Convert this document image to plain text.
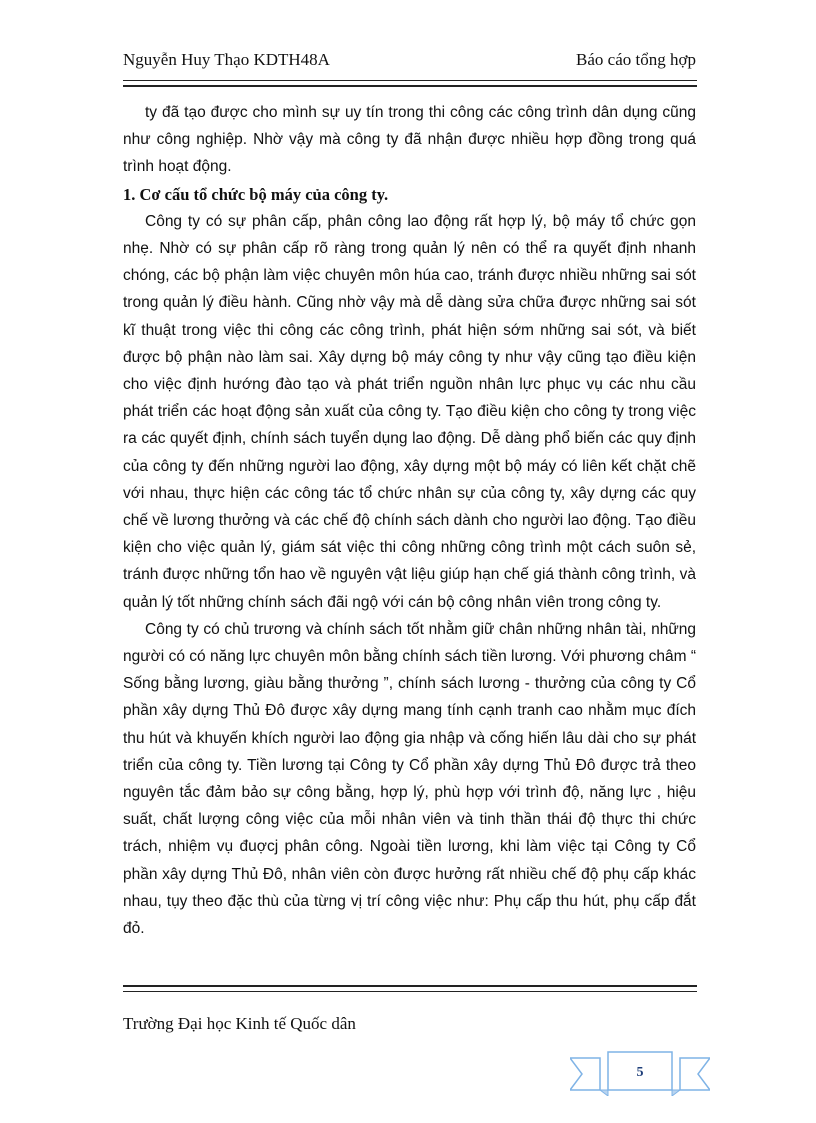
Nguyễn Huy Thạo KDTH48A	Báo cáo tổng hợp

ty đã tạo được cho mình sự uy tín trong thi công các công trình dân dụng cũng như công nghiệp. Nhờ vậy mà công ty đã nhận được nhiều hợp đồng trong quá trình hoạt động.

1. Cơ cấu tổ chức bộ máy của công ty.

Công ty có sự phân cấp, phân công lao động rất hợp lý, bộ máy tổ chức gọn nhẹ. Nhờ có sự phân cấp rõ ràng trong quản lý nên có thể ra quyết định nhanh chóng, các bộ phận làm việc chuyên môn húa cao, tránh được nhiều những sai sót trong quản lý điều hành. Cũng nhờ vậy mà dễ dàng sửa chữa được những sai sót kĩ thuật trong việc thi công các công trình, phát hiện sớm những sai sót, và biết được bộ phận nào làm sai. Xây dựng bộ máy công ty như vậy cũng tạo điều kiện cho việc định hướng đào tạo và phát triển nguồn nhân lực phục vụ các nhu cầu phát triển các hoạt động sản xuất của công ty. Tạo điều kiện cho công ty trong việc ra các quyết định, chính sách tuyển dụng lao động. Dễ dàng phổ biến các quy định của công ty đến những người lao động, xây dựng một bộ máy có liên kết chặt chẽ với nhau, thực hiện các công tác tổ chức nhân sự của công ty, xây dựng các quy chế về lương thưởng và các chế độ chính sách dành cho người lao động. Tạo điều kiện cho việc quản lý, giám sát việc thi công những công trình một cách suôn sẻ, tránh được những tổn hao về nguyên vật liệu giúp hạn chế giá thành công trình, và quản lý tốt những chính sách đãi ngộ với cán bộ công nhân viên trong công ty.

Công ty có chủ trương và chính sách tốt nhằm giữ chân những nhân tài, những người có có năng lực chuyên môn bằng chính sách tiền lương. Với phương châm “ Sống bằng lương, giàu bằng thưởng ”, chính sách lương - thưởng của công ty Cổ phần xây dựng Thủ Đô được xây dựng mang tính cạnh tranh cao nhằm mục đích thu hút và khuyến khích người lao động gia nhập và cống hiến lâu dài cho sự phát triển của công ty. Tiền lương tại Công ty Cổ phần xây dựng Thủ Đô được trả theo nguyên tắc đảm bảo sự công bằng, hợp lý, phù hợp với trình độ, năng lực , hiệu suất, chất lượng công việc của mỗi nhân viên và tinh thần thái độ thực thi chức trách, nhiệm vụ đuợcj phân công. Ngoài tiền lương, khi làm việc tại Công ty Cổ phần xây dựng Thủ Đô, nhân viên còn được hưởng rất nhiều chế độ phụ cấp khác nhau, tụy theo đặc thù của từng vị trí công việc như: Phụ cấp thu hút, phụ cấp đắt đỏ.

Trường Đại học Kinh tế Quốc dân
5
